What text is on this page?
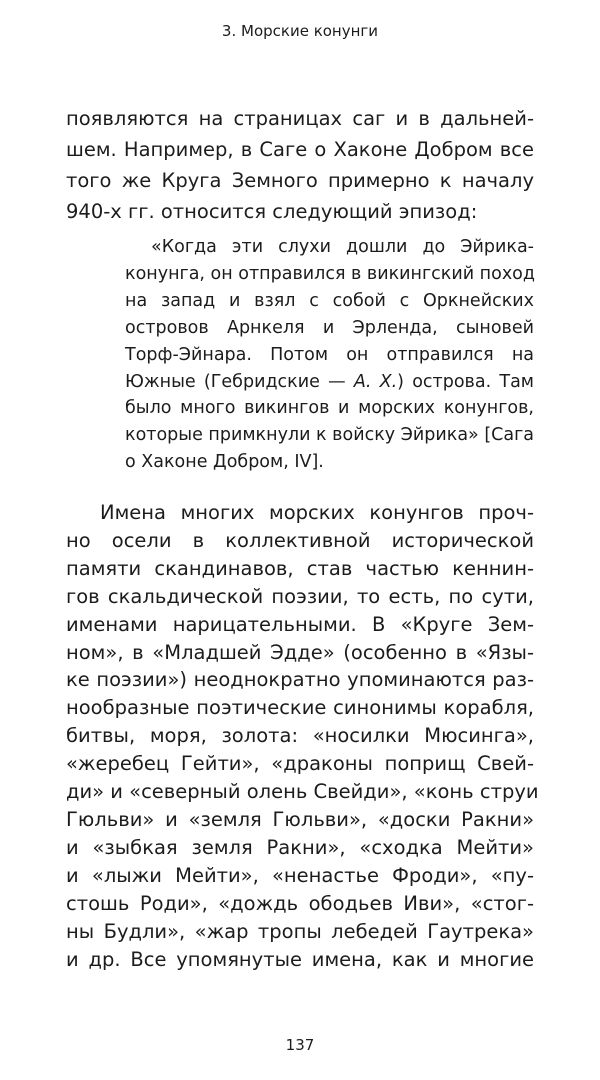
3. Морские конунги
появляются на страницах саг и в дальней-
шем. Например, в Саге о Хаконе Добром все
того же Круга Земного примерно к началу
940-х гг. относится следующий эпизод:
«Когда эти слухи дошли до Эйрика-
конунга, он отправился в викингский поход
на запад и взял с собой с Оркнейских
островов Арнкеля и Эрленда, сыновей
Торф-Эйнара. Потом он отправился на
Южные (Гебридские — А. Х.) острова. Там
было много викингов и морских конунгов,
которые примкнули к войску Эйрика» [Сага
о Хаконе Добром, IV].
Имена многих морских конунгов проч-
но осели в коллективной исторической
памяти скандинавов, став частью кеннин-
гов скальдической поэзии, то есть, по сути,
именами нарицательными. В «Круге Зем-
ном», в «Младшей Эдде» (особенно в «Язы-
ке поэзии») неоднократно упоминаются раз-
нообразные поэтические синонимы корабля,
битвы, моря, золота: «носилки Мюсинга»,
«жеребец Гейти», «драконы поприщ Свей-
ди» и «северный олень Свейди», «конь струи
Гюльви» и «земля Гюльви», «доски Ракни»
и «зыбкая земля Ракни», «сходка Мейти»
и «лыжи Мейти», «ненастье Фроди», «пу-
стошь Роди», «дождь ободьев Иви», «стог-
ны Будли», «жар тропы лебедей Гаутрека»
и др. Все упомянутые имена, как и многие
137
